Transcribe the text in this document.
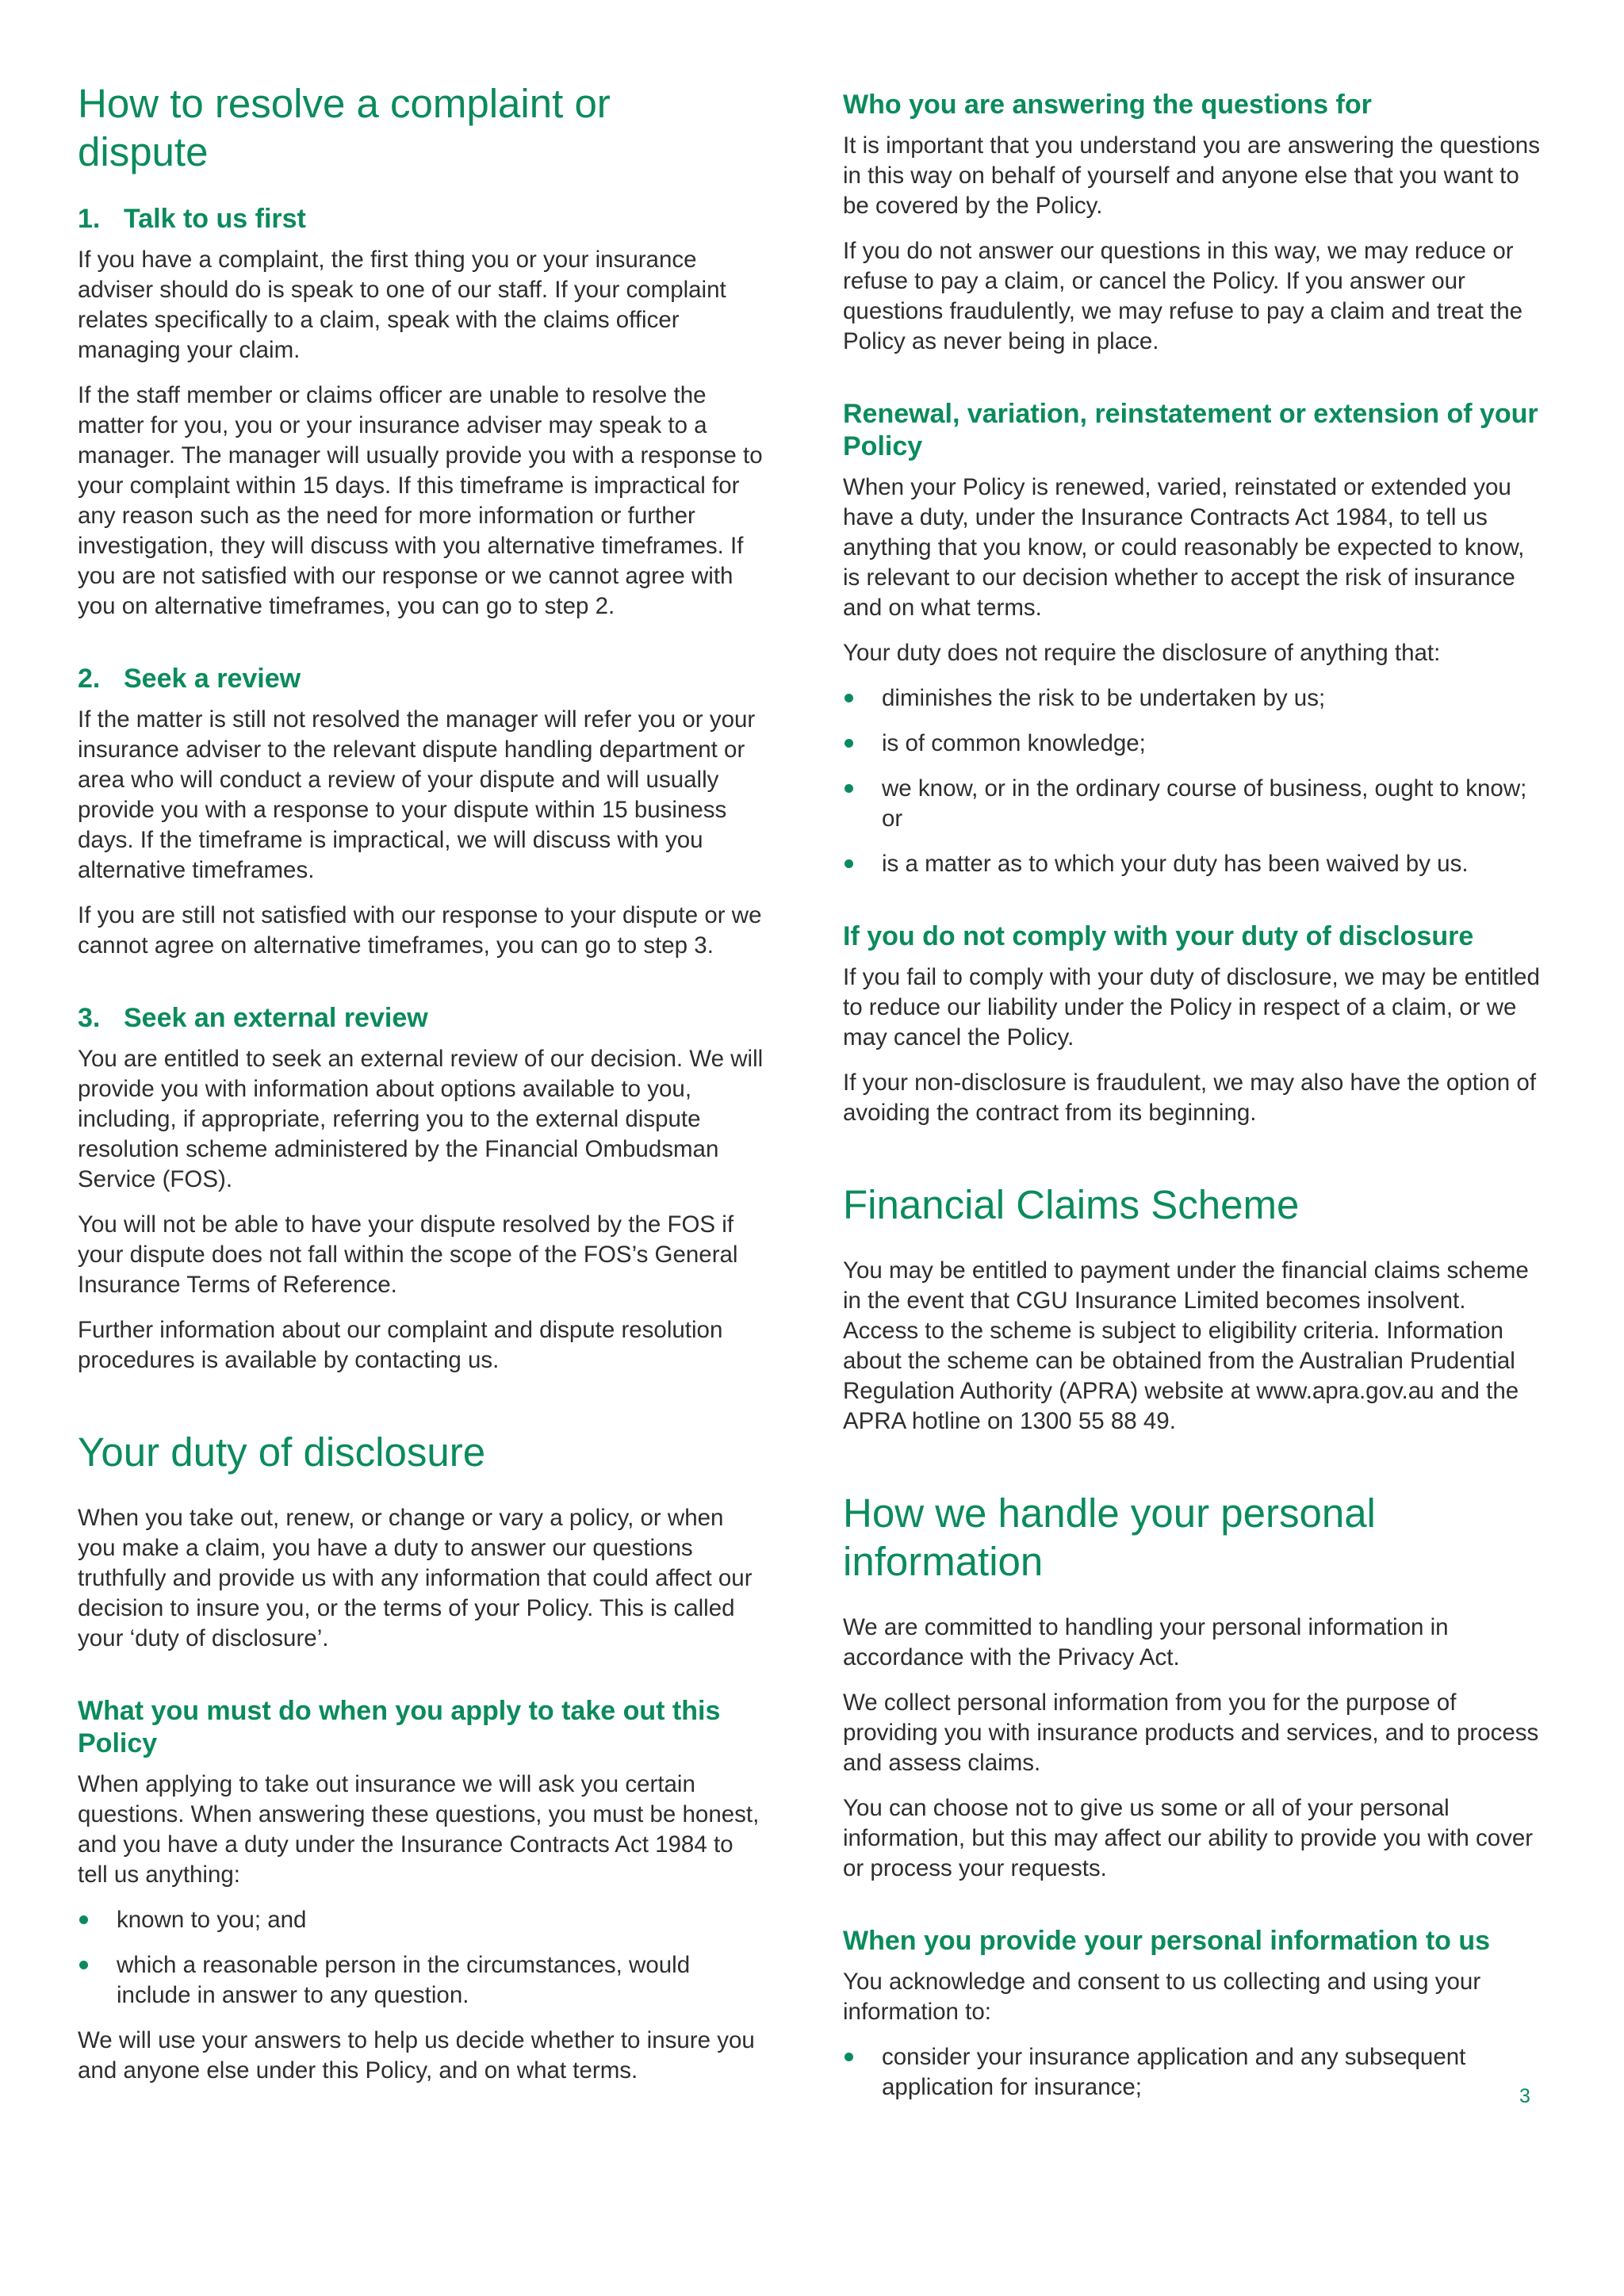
How to resolve a complaint or dispute
1. Talk to us first

If you have a complaint, the first thing you or your insurance adviser should do is speak to one of our staff. If your complaint relates specifically to a claim, speak with the claims officer managing your claim.

If the staff member or claims officer are unable to resolve the matter for you, you or your insurance adviser may speak to a manager. The manager will usually provide you with a response to your complaint within 15 days. If this timeframe is impractical for any reason such as the need for more information or further investigation, they will discuss with you alternative timeframes. If you are not satisfied with our response or we cannot agree with you on alternative timeframes, you can go to step 2.

2. Seek a review

If the matter is still not resolved the manager will refer you or your insurance adviser to the relevant dispute handling department or area who will conduct a review of your dispute and will usually provide you with a response to your dispute within 15 business days. If the timeframe is impractical, we will discuss with you alternative timeframes.

If you are still not satisfied with our response to your dispute or we cannot agree on alternative timeframes, you can go to step 3.

3. Seek an external review

You are entitled to seek an external review of our decision. We will provide you with information about options available to you, including, if appropriate, referring you to the external dispute resolution scheme administered by the Financial Ombudsman Service (FOS).

You will not be able to have your dispute resolved by the FOS if your dispute does not fall within the scope of the FOS’s General Insurance Terms of Reference.

Further information about our complaint and dispute resolution procedures is available by contacting us.

Your duty of disclosure

When you take out, renew, or change or vary a policy, or when you make a claim, you have a duty to answer our questions truthfully and provide us with any information that could affect our decision to insure you, or the terms of your Policy. This is called your ‘duty of disclosure’.

What you must do when you apply to take out this Policy

When applying to take out insurance we will ask you certain questions. When answering these questions, you must be honest, and you have a duty under the Insurance Contracts Act 1984 to tell us anything:

known to you; and
which a reasonable person in the circumstances, would include in answer to any question.

We will use your answers to help us decide whether to insure you and anyone else under this Policy, and on what terms.

Who you are answering the questions for

It is important that you understand you are answering the questions in this way on behalf of yourself and anyone else that you want to be covered by the Policy.

If you do not answer our questions in this way, we may reduce or refuse to pay a claim, or cancel the Policy. If you answer our questions fraudulently, we may refuse to pay a claim and treat the Policy as never being in place.

Renewal, variation, reinstatement or extension of your Policy

When your Policy is renewed, varied, reinstated or extended you have a duty, under the Insurance Contracts Act 1984, to tell us anything that you know, or could reasonably be expected to know, is relevant to our decision whether to accept the risk of insurance and on what terms.

Your duty does not require the disclosure of anything that:

diminishes the risk to be undertaken by us;
is of common knowledge;
we know, or in the ordinary course of business, ought to know; or
is a matter as to which your duty has been waived by us.
If you do not comply with your duty of disclosure

If you fail to comply with your duty of disclosure, we may be entitled to reduce our liability under the Policy in respect of a claim, or we may cancel the Policy.

If your non-disclosure is fraudulent, we may also have the option of avoiding the contract from its beginning.

Financial Claims Scheme

You may be entitled to payment under the financial claims scheme in the event that CGU Insurance Limited becomes insolvent. Access to the scheme is subject to eligibility criteria. Information about the scheme can be obtained from the Australian Prudential Regulation Authority (APRA) website at www.apra.gov.au and the APRA hotline on 1300 55 88 49.

How we handle your personal information

We are committed to handling your personal information in accordance with the Privacy Act.

We collect personal information from you for the purpose of providing you with insurance products and services, and to process and assess claims.

You can choose not to give us some or all of your personal information, but this may affect our ability to provide you with cover or process your requests.

When you provide your personal information to us

You acknowledge and consent to us collecting and using your information to:

consider your insurance application and any subsequent application for insurance;	3
